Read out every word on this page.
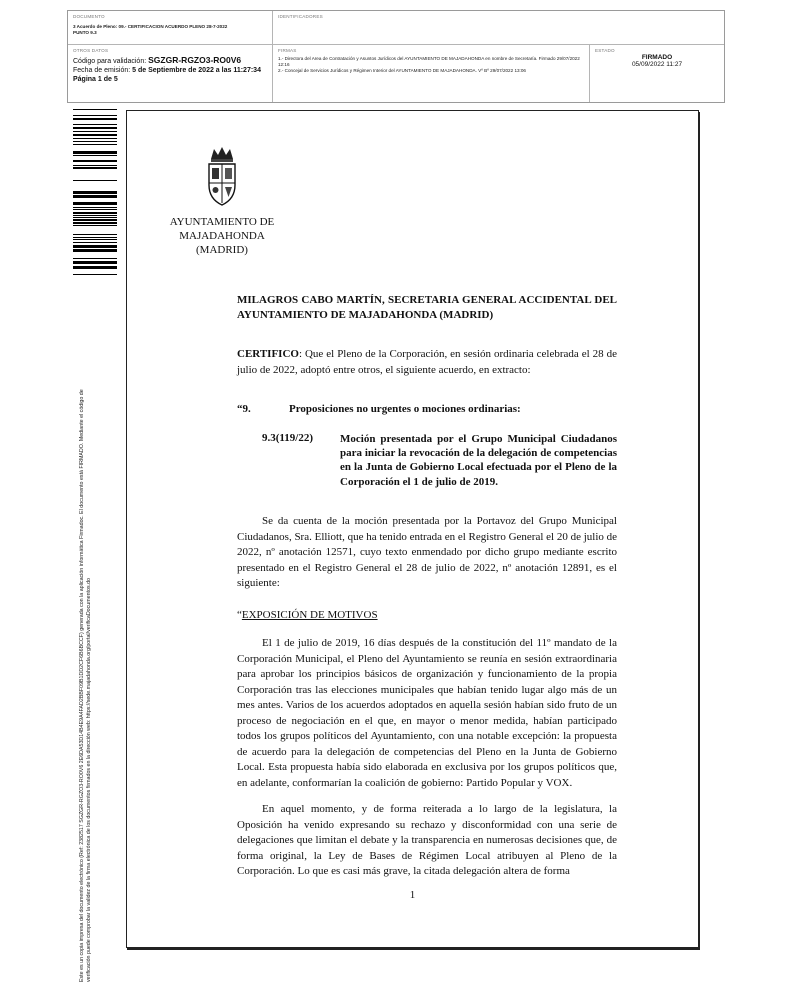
DOCUMENTO
3 Acuerdo de Pleno: 09.- CERTIFICACION ACUERDO PLENO 28-7-2022 PUNTO 9.3
IDENTIFICADORES
OTROS DATOS
Código para validación: SGZGR-RGZO3-RO0V6
Fecha de emisión: 5 de Septiembre de 2022 a las 11:27:34
Página 1 de 5
FIRMAS
1.- Directora del Area de Contratación y Asuntos Jurídicos del AYUNTAMIENTO DE MAJADAHONDA en nombre de Secretaría. Firmado 29/07/2022 12:16
2.- Concejal de Servicios Jurídicos y Régimen Interior del AYUNTAMIENTO DE MAJADAHONDA. Vº Bº 29/07/2022 13:06
ESTADO
FIRMADO
05/09/2022 11:27
Este es un copia impresa del documento electrónico (Ref: 2382517 SGZGR-RGZO3-RO0V6 2E6DA53D14B4E9A4FAD2BBF09B1DD2CF6B6BCCF) generada con la aplicación informática Firmadoc. El documento está FIRMADO. Mediante el código de verificación puede comprobar la validez de la firma electrónica de los documentos firmados en la dirección web: https://sede.majadahonda.org/portal/verificaDocumentos.do
AYUNTAMIENTO DE
MAJADAHONDA
(MADRID)
MILAGROS CABO MARTÍN, SECRETARIA GENERAL ACCIDENTAL DEL AYUNTAMIENTO DE MAJADAHONDA (MADRID)
CERTIFICO: Que el Pleno de la Corporación, en sesión ordinaria celebrada el 28 de julio de 2022, adoptó entre otros, el siguiente acuerdo, en extracto:
“9.	Proposiciones no urgentes o mociones ordinarias:
9.3(119/22) Moción presentada por el Grupo Municipal Ciudadanos para iniciar la revocación de la delegación de competencias en la Junta de Gobierno Local efectuada por el Pleno de la Corporación el 1 de julio de 2019.
Se da cuenta de la moción presentada por la Portavoz del Grupo Municipal Ciudadanos, Sra. Elliott, que ha tenido entrada en el Registro General el 20 de julio de 2022, nº anotación 12571, cuyo texto enmendado por dicho grupo mediante escrito presentado en el Registro General el 28 de julio de 2022, nº anotación 12891, es el siguiente:
“EXPOSICIÓN DE MOTIVOS
El 1 de julio de 2019, 16 días después de la constitución del 11º mandato de la Corporación Municipal, el Pleno del Ayuntamiento se reunía en sesión extraordinaria para aprobar los principios básicos de organización y funcionamiento de la propia Corporación tras las elecciones municipales que habían tenido lugar algo más de un mes antes. Varios de los acuerdos adoptados en aquella sesión habían sido fruto de un proceso de negociación en el que, en mayor o menor medida, habían participado todos los grupos políticos del Ayuntamiento, con una notable excepción: la propuesta de acuerdo para la delegación de competencias del Pleno en la Junta de Gobierno Local. Esta propuesta había sido elaborada en exclusiva por los grupos políticos que, en adelante, conformarían la coalición de gobierno: Partido Popular y VOX.
En aquel momento, y de forma reiterada a lo largo de la legislatura, la Oposición ha venido expresando su rechazo y disconformidad con una serie de delegaciones que limitan el debate y la transparencia en numerosas decisiones que, de forma original, la Ley de Bases de Régimen Local atribuyen al Pleno de la Corporación. Lo que es casi más grave, la citada delegación altera de forma
1
